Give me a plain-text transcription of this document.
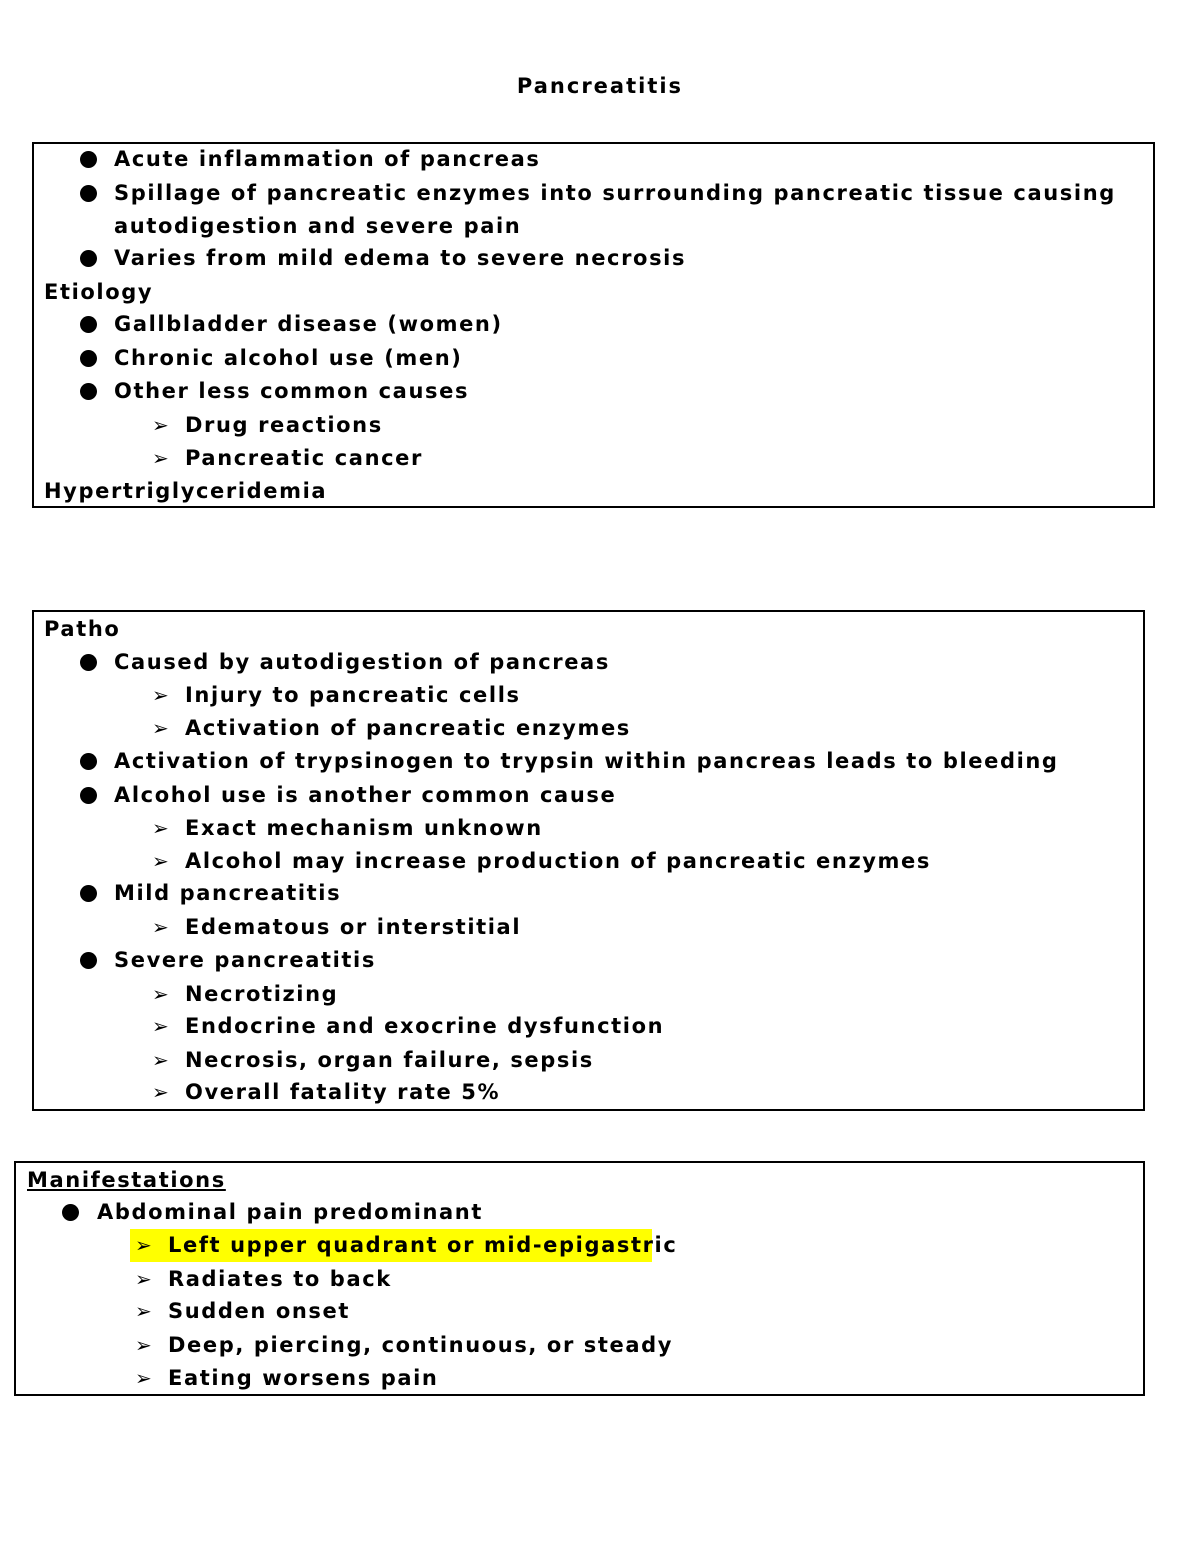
Pancreatitis
Acute inflammation of pancreas
Spillage of pancreatic enzymes into surrounding pancreatic tissue causing
autodigestion and severe pain
Varies from mild edema to severe necrosis
Etiology
Gallbladder disease (women)
Chronic alcohol use (men)
Other less common causes
➢ Drug reactions
➢ Pancreatic cancer
Hypertriglyceridemia
Patho
Caused by autodigestion of pancreas
➢ Injury to pancreatic cells
➢ Activation of pancreatic enzymes
Activation of trypsinogen to trypsin within pancreas leads to bleeding
Alcohol use is another common cause
➢ Exact mechanism unknown
➢ Alcohol may increase production of pancreatic enzymes
Mild pancreatitis
➢ Edematous or interstitial
Severe pancreatitis
➢ Necrotizing
➢ Endocrine and exocrine dysfunction
➢ Necrosis, organ failure, sepsis
➢ Overall fatality rate 5%
Manifestations
Abdominal pain predominant
➢ Left upper quadrant or mid-epigastric
➢ Radiates to back
➢ Sudden onset
➢ Deep, piercing, continuous, or steady
➢ Eating worsens pain
